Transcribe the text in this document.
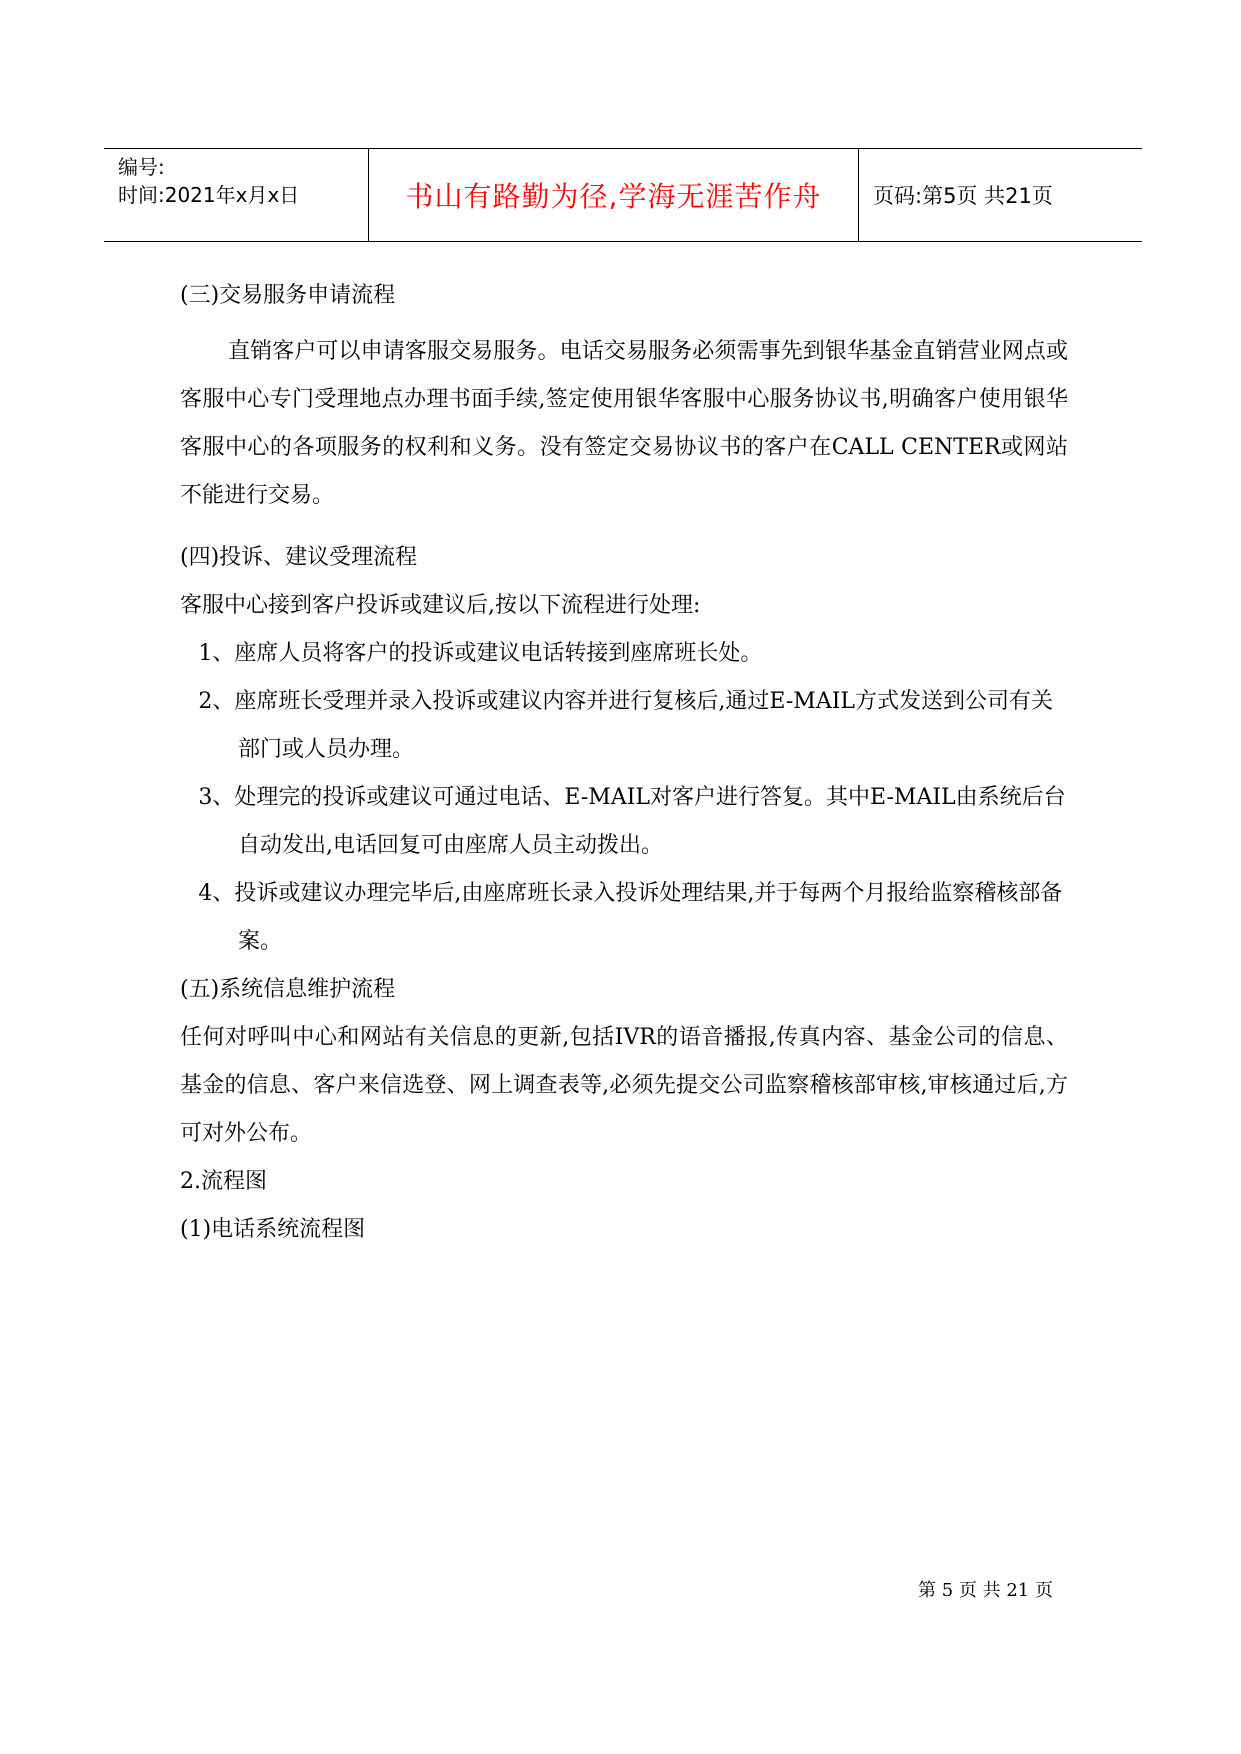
编号:
时间:2021年x月x日	书山有路勤为径,学海无涯苦作舟	页码:第5页 共21页

(三)交易服务申请流程

直销客户可以申请客服交易服务。电话交易服务必须需事先到银华基金直销营业网点或客服中心专门受理地点办理书面手续,签定使用银华客服中心服务协议书,明确客户使用银华客服中心的各项服务的权利和义务。没有签定交易协议书的客户在CALL CENTER或网站不能进行交易。

(四)投诉、建议受理流程

客服中心接到客户投诉或建议后,按以下流程进行处理:

1、座席人员将客户的投诉或建议电话转接到座席班长处。

2、座席班长受理并录入投诉或建议内容并进行复核后,通过E-MAIL方式发送到公司有关部门或人员办理。

3、处理完的投诉或建议可通过电话、E-MAIL对客户进行答复。其中E-MAIL由系统后台自动发出,电话回复可由座席人员主动拨出。

4、投诉或建议办理完毕后,由座席班长录入投诉处理结果,并于每两个月报给监察稽核部备案。

(五)系统信息维护流程

任何对呼叫中心和网站有关信息的更新,包括IVR的语音播报,传真内容、基金公司的信息、基金的信息、客户来信选登、网上调查表等,必须先提交公司监察稽核部审核,审核通过后,方可对外公布。

2.流程图

(1)电话系统流程图

第 5 页 共 21 页
